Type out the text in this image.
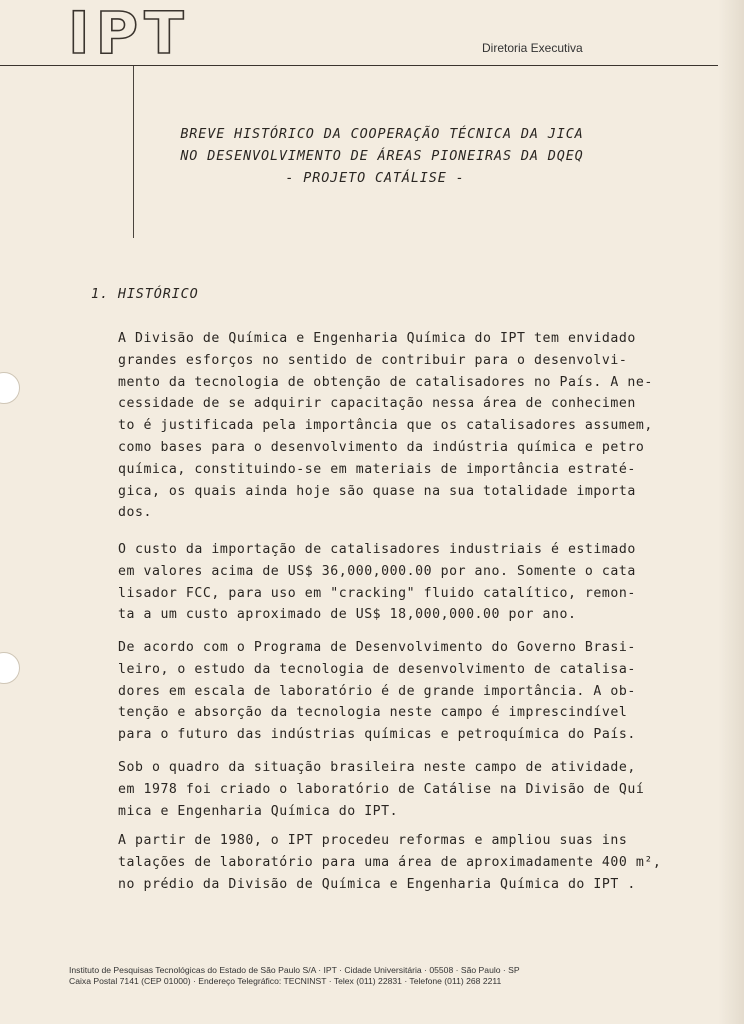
IPT	Diretoria Executiva
BREVE HISTÓRICO DA COOPERAÇÃO TÉCNICA DA JICA
NO DESENVOLVIMENTO DE ÁREAS PIONEIRAS DA DQEQ
- PROJETO CATÁLISE -
1. HISTÓRICO

A Divisão de Química e Engenharia Química do IPT tem envidado
grandes esforços no sentido de contribuir para o desenvolvi-
mento da tecnologia de obtenção de catalisadores no País. A ne-
cessidade de se adquirir capacitação nessa área de conhecimen
to é justificada pela importância que os catalisadores assumem,
como bases para o desenvolvimento da indústria química e petro
química, constituindo-se em materiais de importância estraté-
gica, os quais ainda hoje são quase na sua totalidade importa
dos.

O custo da importação de catalisadores industriais é estimado
em valores acima de US$ 36,000,000.00 por ano. Somente o cata
lisador FCC, para uso em "cracking" fluido catalítico, remon-
ta a um custo aproximado de US$ 18,000,000.00 por ano.

De acordo com o Programa de Desenvolvimento do Governo Brasi-
leiro, o estudo da tecnologia de desenvolvimento de catalisa-
dores em escala de laboratório é de grande importância. A ob-
tenção e absorção da tecnologia neste campo é imprescindível
para o futuro das indústrias químicas e petroquímica do País.

Sob o quadro da situação brasileira neste campo de atividade,
em 1978 foi criado o laboratório de Catálise na Divisão de Quí
mica e Engenharia Química do IPT.

A partir de 1980, o IPT procedeu reformas e ampliou suas ins
talações de laboratório para uma área de aproximadamente 400 m²,
no prédio da Divisão de Química e Engenharia Química do IPT .

Instituto de Pesquisas Tecnológicas do Estado de São Paulo S/A · IPT · Cidade Universitária · 05508 · São Paulo · SP
Caixa Postal 7141 (CEP 01000) · Endereço Telegráfico: TECNINST · Telex (011) 22831 · Telefone (011) 268 2211
